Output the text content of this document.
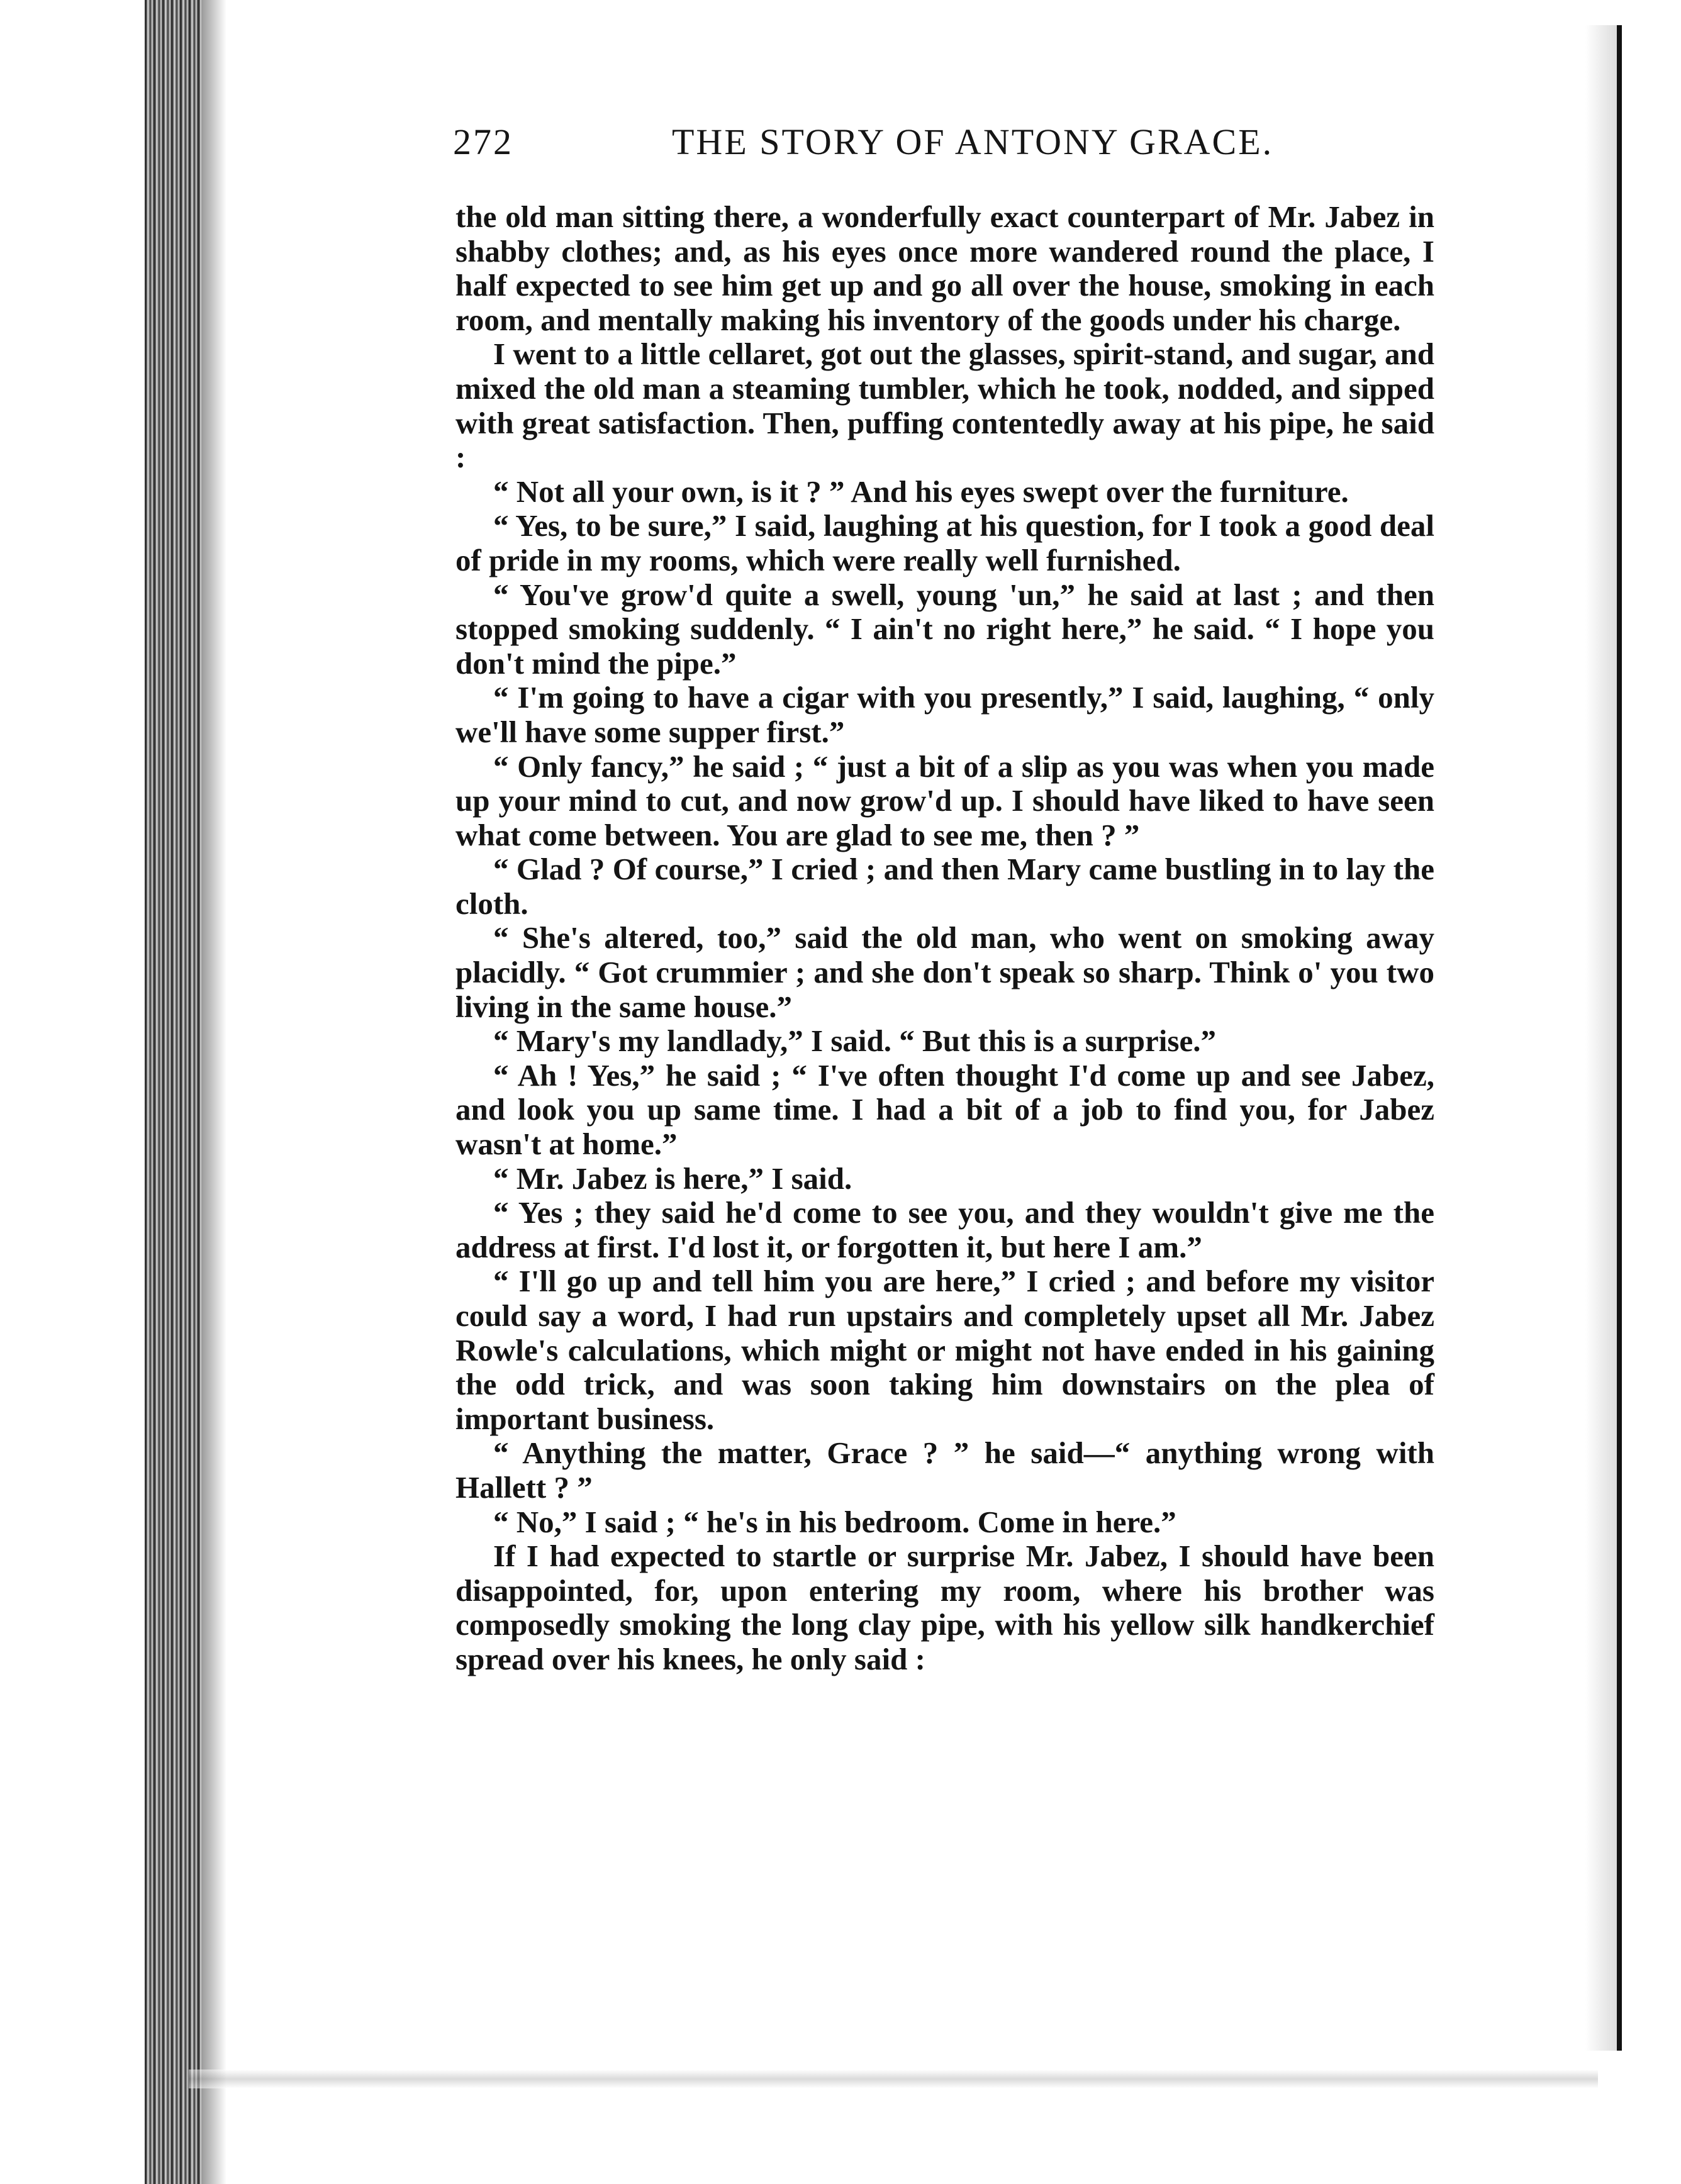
272	THE STORY OF ANTONY GRACE.

the old man sitting there, a wonderfully exact counterpart of Mr. Jabez in shabby clothes; and, as his eyes once more wandered round the place, I half expected to see him get up and go all over the house, smoking in each room, and mentally making his inventory of the goods under his charge.

I went to a little cellaret, got out the glasses, spirit-stand, and sugar, and mixed the old man a steaming tumbler, which he took, nodded, and sipped with great satisfaction. Then, puffing contentedly away at his pipe, he said :

“ Not all your own, is it ? ” And his eyes swept over the furniture.

“ Yes, to be sure,” I said, laughing at his question, for I took a good deal of pride in my rooms, which were really well furnished.

“ You've grow'd quite a swell, young 'un,” he said at last ; and then stopped smoking suddenly. “ I ain't no right here,” he said. “ I hope you don't mind the pipe.”

“ I'm going to have a cigar with you presently,” I said, laughing, “ only we'll have some supper first.”

“ Only fancy,” he said ; “ just a bit of a slip as you was when you made up your mind to cut, and now grow'd up. I should have liked to have seen what come between. You are glad to see me, then ? ”

“ Glad ? Of course,” I cried ; and then Mary came bustling in to lay the cloth.

“ She's altered, too,” said the old man, who went on smoking away placidly. “ Got crummier ; and she don't speak so sharp. Think o' you two living in the same house.”

“ Mary's my landlady,” I said. “ But this is a surprise.”

“ Ah ! Yes,” he said ; “ I've often thought I'd come up and see Jabez, and look you up same time. I had a bit of a job to find you, for Jabez wasn't at home.”

“ Mr. Jabez is here,” I said.

“ Yes ; they said he'd come to see you, and they wouldn't give me the address at first. I'd lost it, or forgotten it, but here I am.”

“ I'll go up and tell him you are here,” I cried ; and before my visitor could say a word, I had run upstairs and completely upset all Mr. Jabez Rowle's calculations, which might or might not have ended in his gaining the odd trick, and was soon taking him downstairs on the plea of important business.

“ Anything the matter, Grace ? ” he said—“ anything wrong with Hallett ? ”

“ No,” I said ; “ he's in his bedroom. Come in here.”

If I had expected to startle or surprise Mr. Jabez, I should have been disappointed, for, upon entering my room, where his brother was composedly smoking the long clay pipe, with his yellow silk handkerchief spread over his knees, he only said :
